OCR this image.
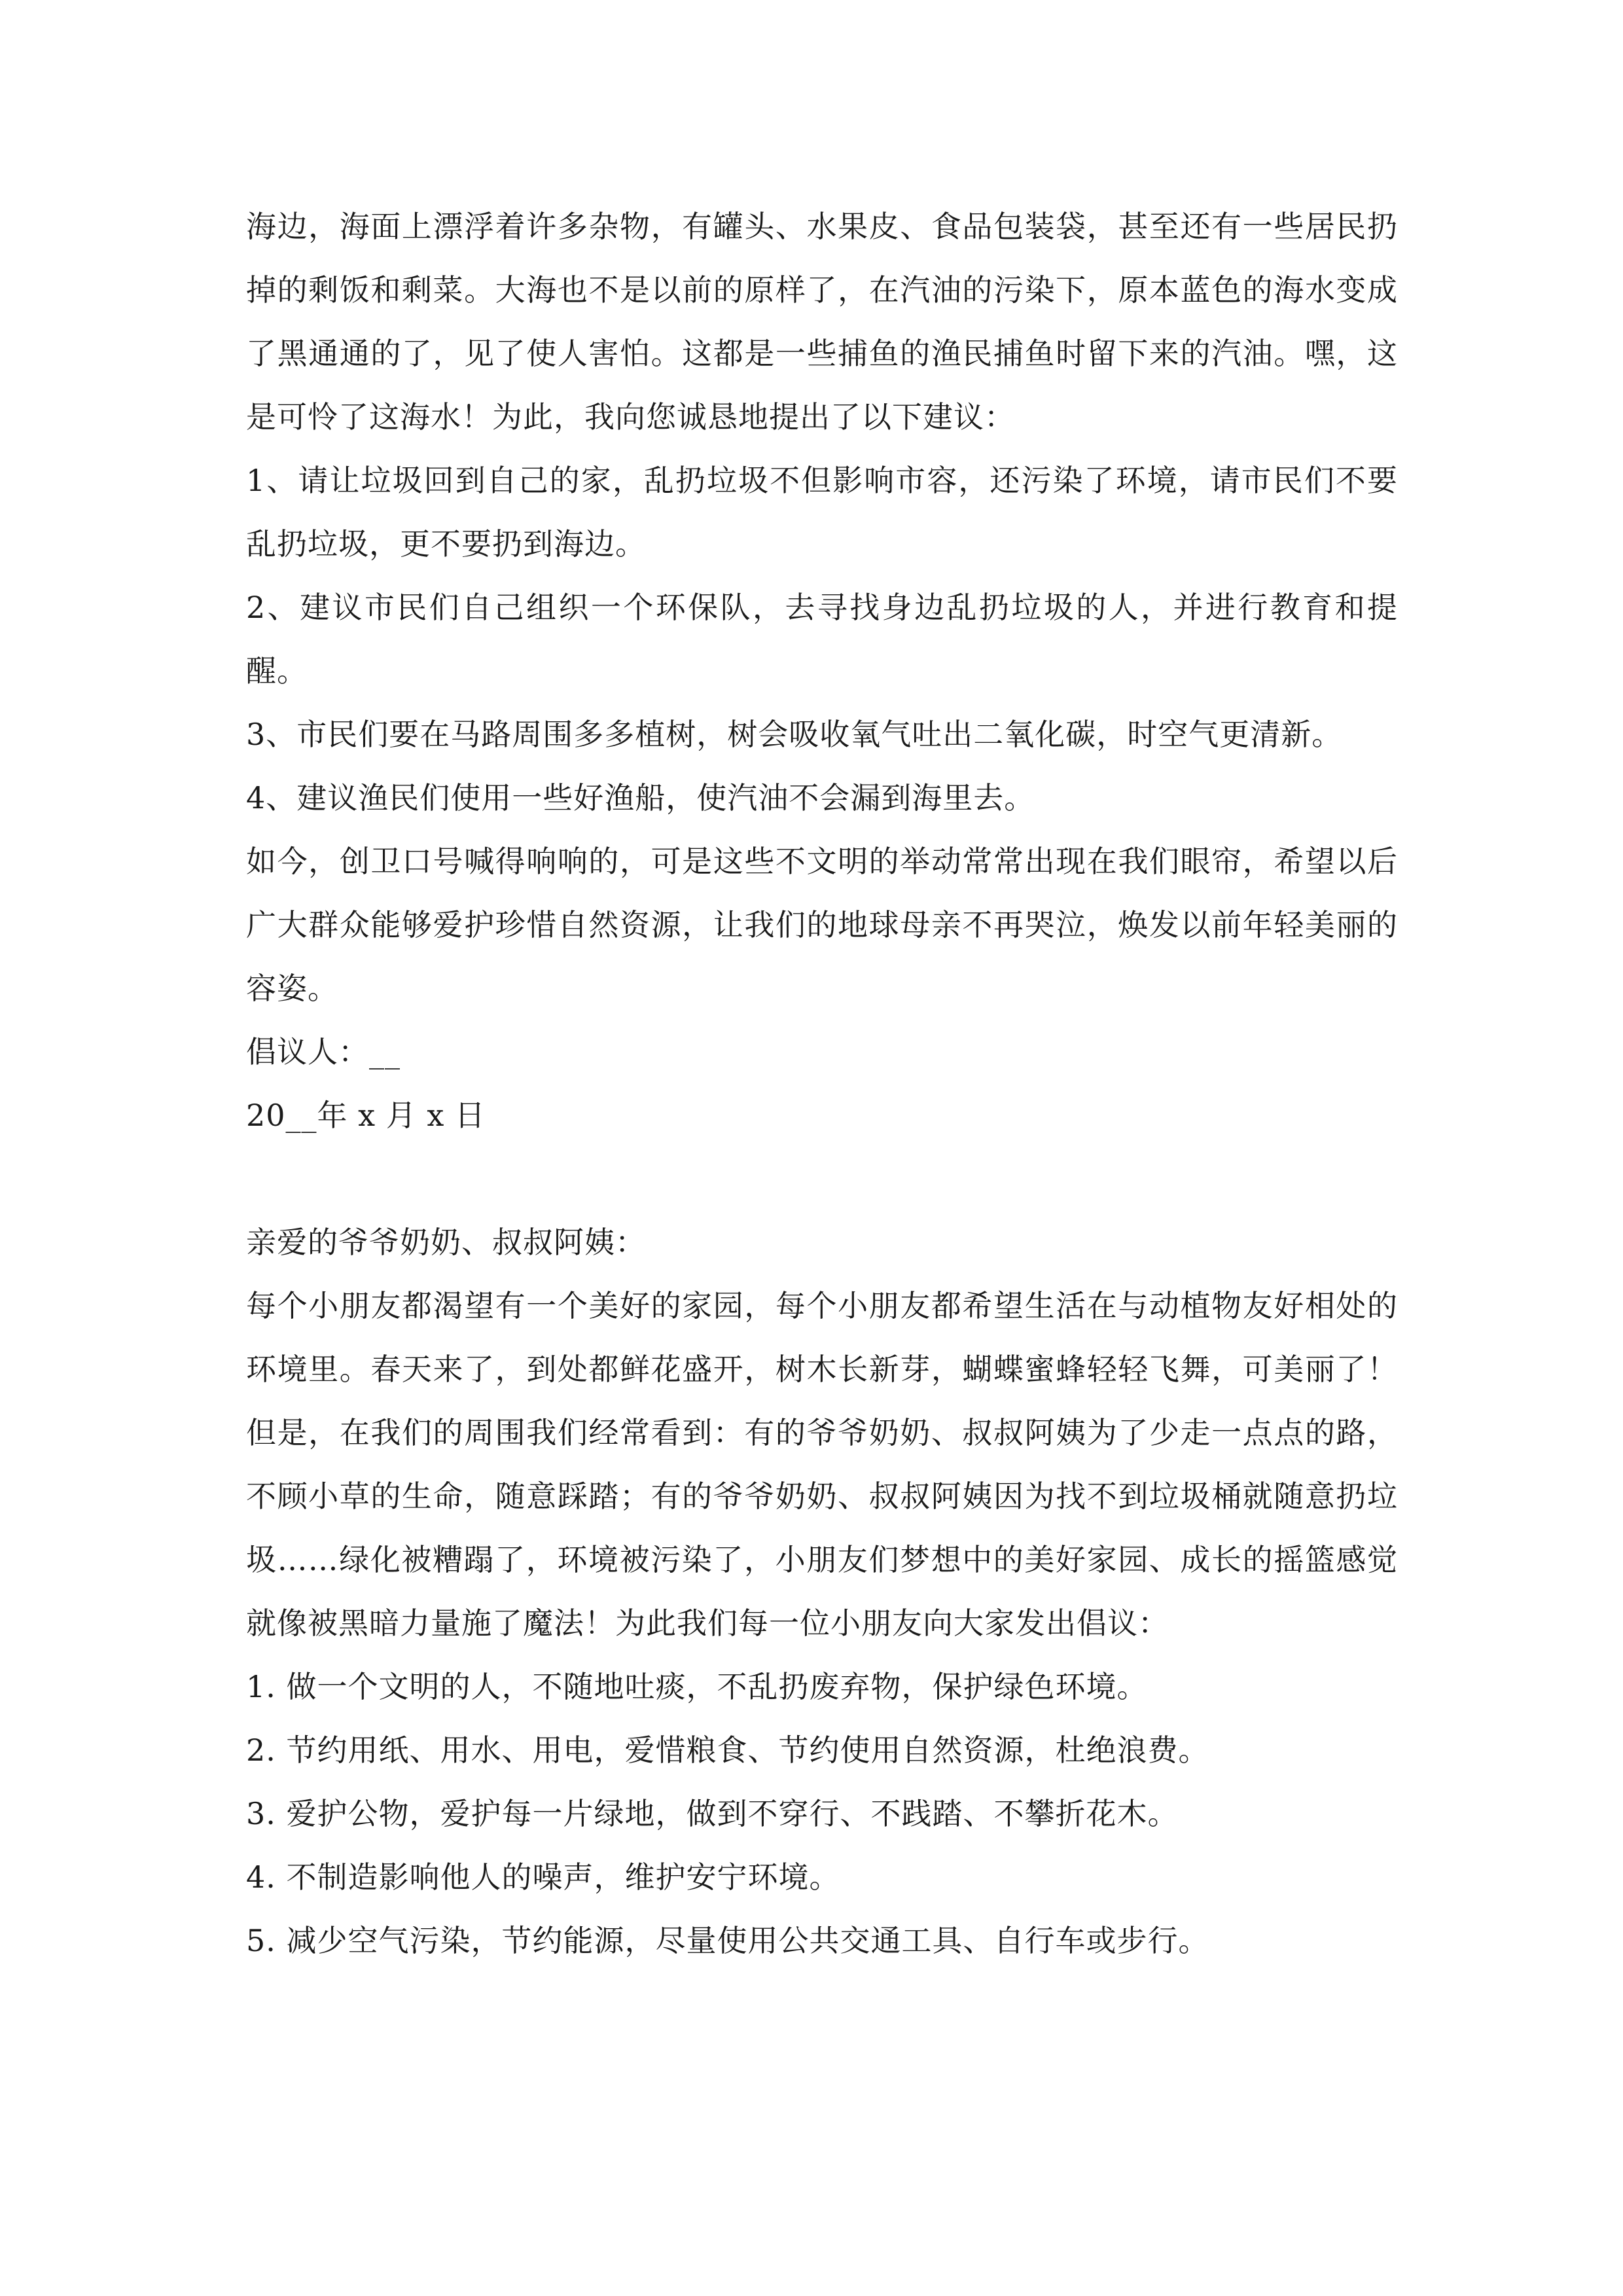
海边，海面上漂浮着许多杂物，有罐头、水果皮、食品包装袋，甚至还有一些居民扔掉的剩饭和剩菜。大海也不是以前的原样了，在汽油的污染下，原本蓝色的海水变成了黑通通的了，见了使人害怕。这都是一些捕鱼的渔民捕鱼时留下来的汽油。嘿，这是可怜了这海水！为此，我向您诚恳地提出了以下建议：

1、请让垃圾回到自己的家，乱扔垃圾不但影响市容，还污染了环境，请市民们不要乱扔垃圾，更不要扔到海边。

2、建议市民们自己组织一个环保队，去寻找身边乱扔垃圾的人，并进行教育和提醒。

3、市民们要在马路周围多多植树，树会吸收氧气吐出二氧化碳，时空气更清新。

4、建议渔民们使用一些好渔船，使汽油不会漏到海里去。

如今，创卫口号喊得响响的，可是这些不文明的举动常常出现在我们眼帘，希望以后广大群众能够爱护珍惜自然资源，让我们的地球母亲不再哭泣，焕发以前年轻美丽的容姿。

倡议人：__

20__年 x 月 x 日

亲爱的爷爷奶奶、叔叔阿姨：

每个小朋友都渴望有一个美好的家园，每个小朋友都希望生活在与动植物友好相处的环境里。春天来了，到处都鲜花盛开，树木长新芽，蝴蝶蜜蜂轻轻飞舞，可美丽了！但是，在我们的周围我们经常看到：有的爷爷奶奶、叔叔阿姨为了少走一点点的路，不顾小草的生命，随意踩踏；有的爷爷奶奶、叔叔阿姨因为找不到垃圾桶就随意扔垃圾……绿化被糟蹋了，环境被污染了，小朋友们梦想中的美好家园、成长的摇篮感觉就像被黑暗力量施了魔法！为此我们每一位小朋友向大家发出倡议：

1. 做一个文明的人，不随地吐痰，不乱扔废弃物，保护绿色环境。

2. 节约用纸、用水、用电，爱惜粮食、节约使用自然资源，杜绝浪费。

3. 爱护公物，爱护每一片绿地，做到不穿行、不践踏、不攀折花木。

4. 不制造影响他人的噪声，维护安宁环境。

5. 减少空气污染，节约能源，尽量使用公共交通工具、自行车或步行。
